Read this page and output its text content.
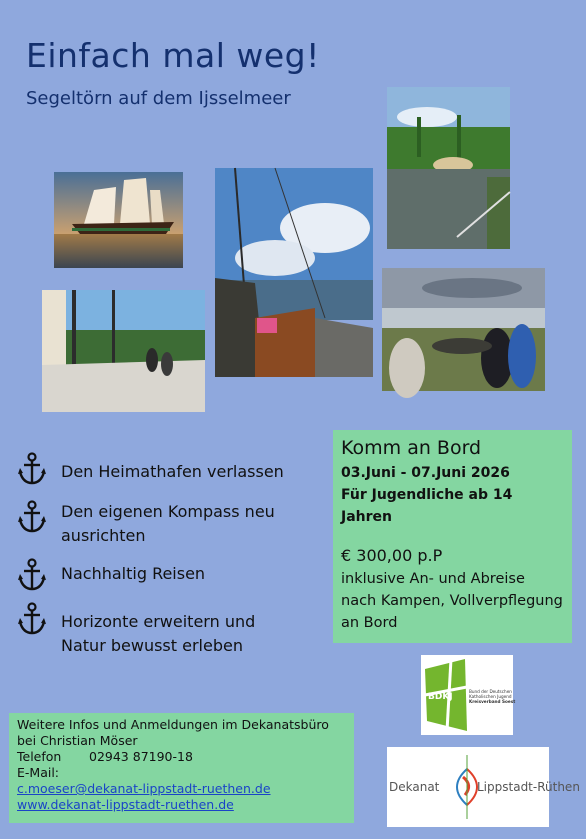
Einfach mal weg!
Segeltörn auf dem Ijsselmeer
Den Heimathafen verlassen
Den eigenen Kompass neu ausrichten
Nachhaltig Reisen
Horizonte erweitern und Natur bewusst erleben
Komm an Bord
03.Juni - 07.Juni 2026
Für Jugendliche ab 14 Jahren
€ 300,00 p.P
inklusive An- und Abreise nach Kampen, Vollverpflegung an Bord
Weitere Infos und Anmeldungen im Dekanatsbüro bei Christian Möser
Telefon	02943 87190-18
E-Mail:
c.moeser@dekanat-lippstadt-ruethen.de
www.dekanat-lippstadt-ruethen.de
BDKJ
Bund der Deutschen
Katholischen Jugend
Kreisverband Soest
Dekanat	Lippstadt-Rüthen
